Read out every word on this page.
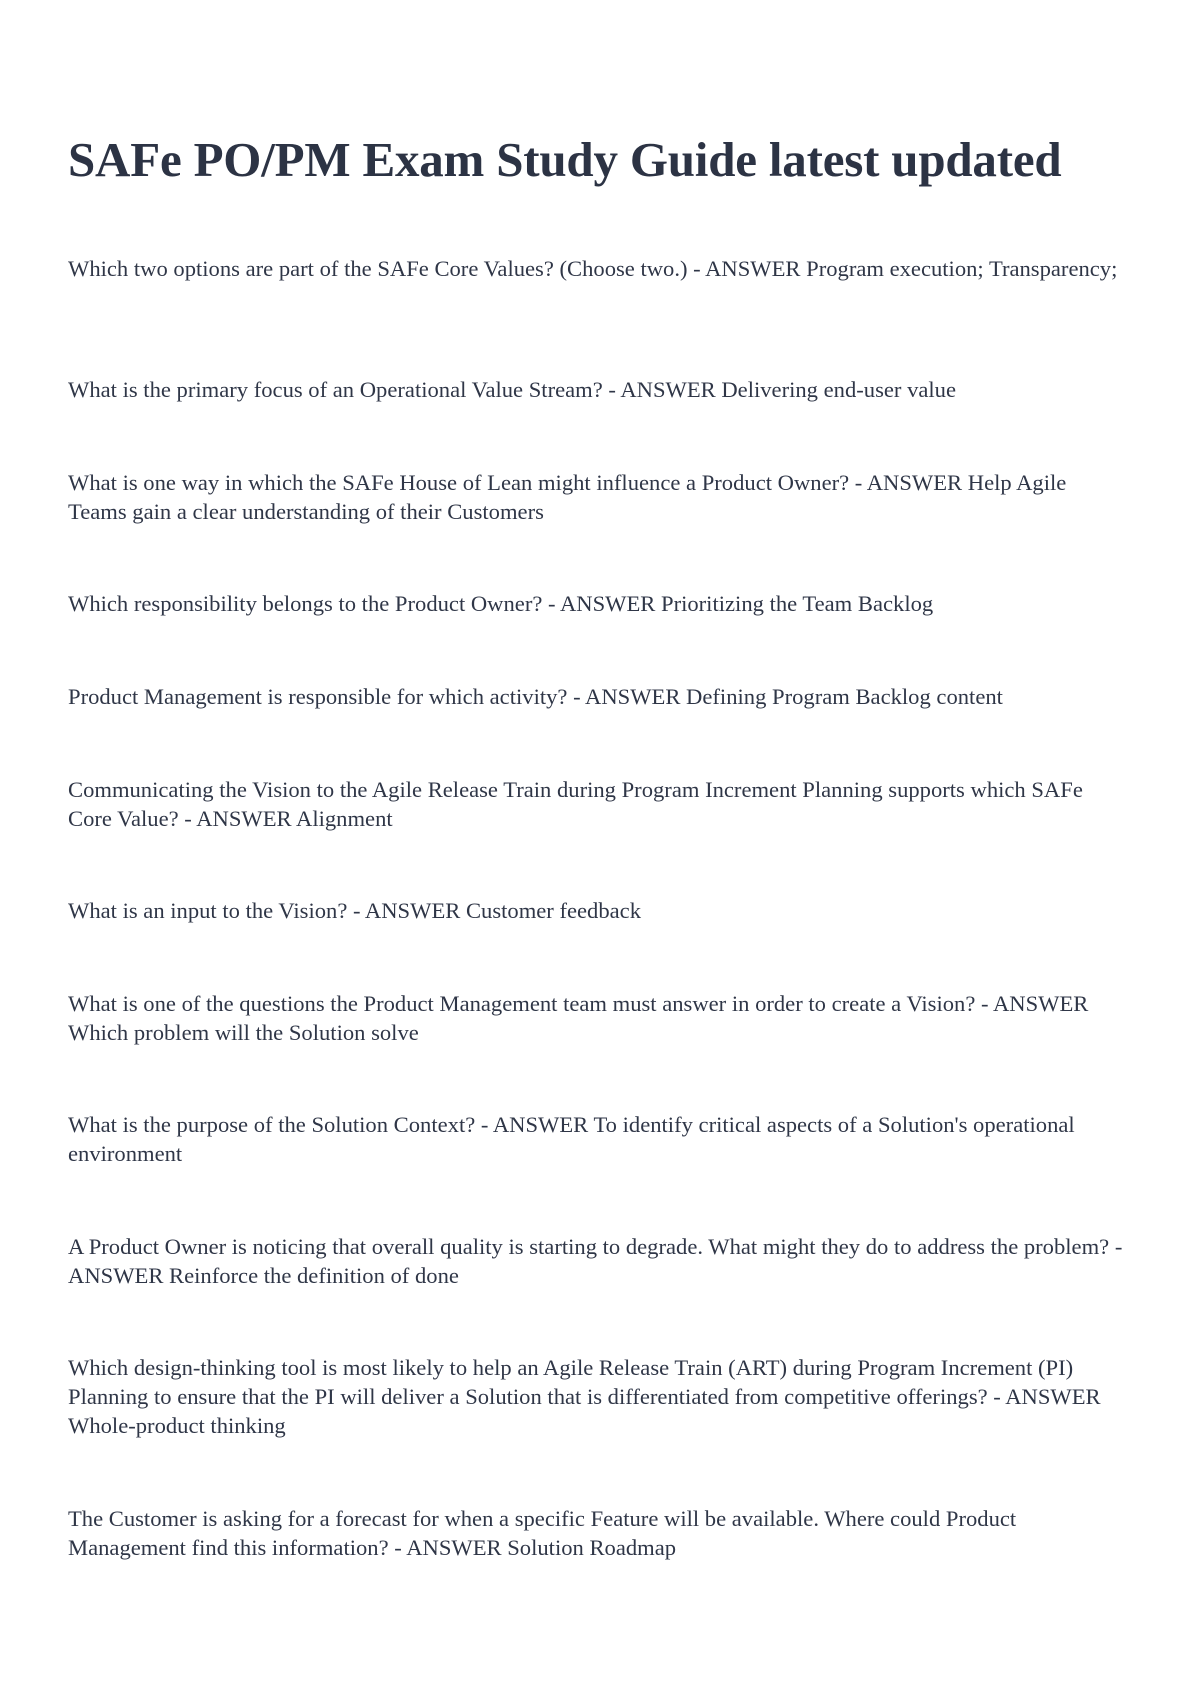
SAFe PO/PM Exam Study Guide latest updated

Which two options are part of the SAFe Core Values? (Choose two.) - ANSWER Program execution; Transparency;

What is the primary focus of an Operational Value Stream? - ANSWER Delivering end-user value

What is one way in which the SAFe House of Lean might influence a Product Owner? - ANSWER Help Agile Teams gain a clear understanding of their Customers

Which responsibility belongs to the Product Owner? - ANSWER Prioritizing the Team Backlog

Product Management is responsible for which activity? - ANSWER Defining Program Backlog content

Communicating the Vision to the Agile Release Train during Program Increment Planning supports which SAFe Core Value? - ANSWER Alignment

What is an input to the Vision? - ANSWER Customer feedback

What is one of the questions the Product Management team must answer in order to create a Vision? - ANSWER Which problem will the Solution solve

What is the purpose of the Solution Context? - ANSWER To identify critical aspects of a Solution's operational environment

A Product Owner is noticing that overall quality is starting to degrade. What might they do to address the problem? - ANSWER Reinforce the definition of done

Which design-thinking tool is most likely to help an Agile Release Train (ART) during Program Increment (PI) Planning to ensure that the PI will deliver a Solution that is differentiated from competitive offerings? - ANSWER Whole-product thinking

The Customer is asking for a forecast for when a specific Feature will be available. Where could Product Management find this information? - ANSWER Solution Roadmap
